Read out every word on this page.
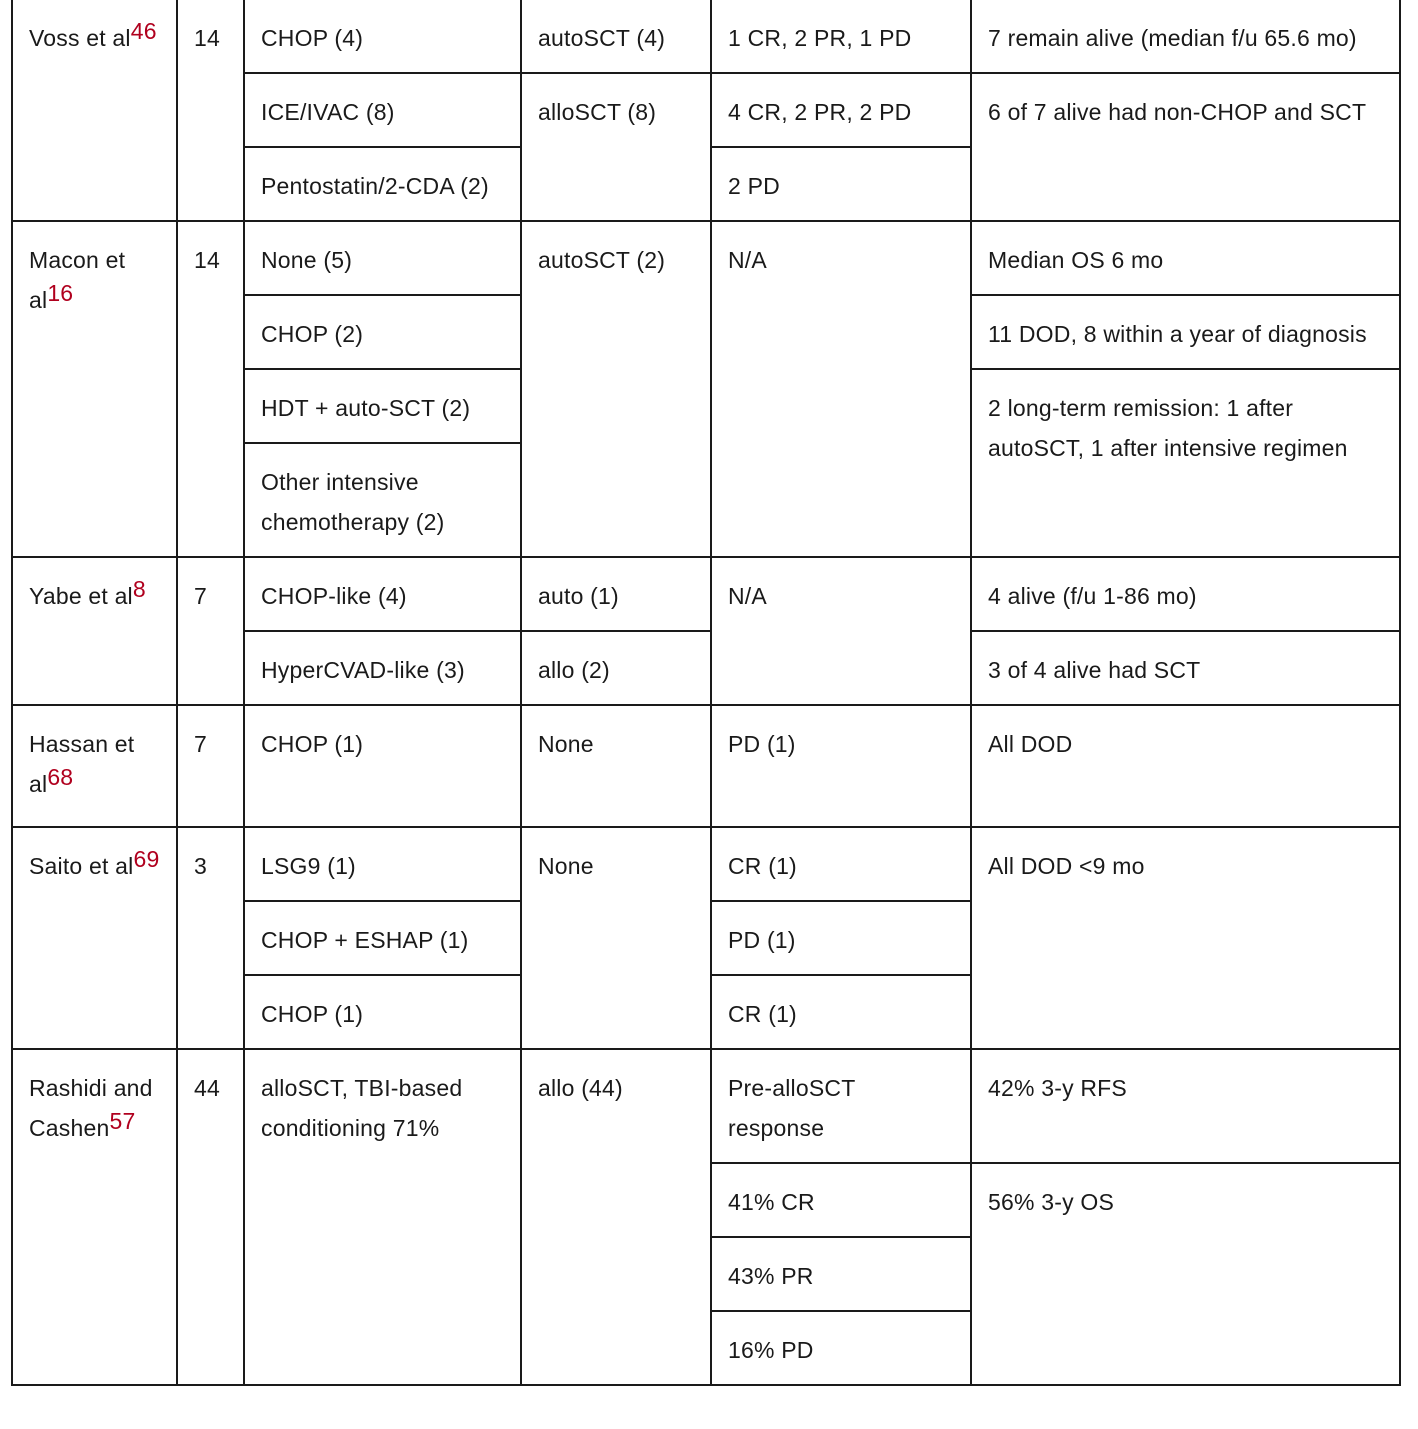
Voss et $al^{46}$	14	CHOP (4)	autoSCT (4)	1 CR, 2 PR, 1 PD	7 remain alive (median f/u 65.6 mo)
		ICE/IVAC (8)	alloSCT (8)	4 CR, 2 PR, 2 PD	6 of 7 alive had non-CHOP and SCT
		Pentostatin/2-CDA (2)		2 PD	
Macon et $al^{16}$	14	None (5)	autoSCT (2)	N/A	Median OS 6 mo
		CHOP (2)			11 DOD, 8 within a year of diagnosis
		HDT + auto-SCT (2)			2 long-term remission: 1 after autoSCT, 1 after intensive regimen
		Other intensive chemotherapy (2)			
Yabe et $al^8$	7	CHOP-like (4)	auto (1)	N/A	4 alive (f/u 1-86 mo)
		HyperCVAD-like (3)	allo (2)		3 of 4 alive had SCT
Hassan et $al^{68}$	7	CHOP (1)	None	PD (1)	All DOD
Saito et $al^{69}$	3	LSG9 (1)	None	CR (1)	All DOD <9 mo
		CHOP + ESHAP (1)		PD (1)	
		CHOP (1)		CR (1)	
Rashidi and Cashen$^{57}$	44	alloSCT, TBI-based conditioning 71%	allo (44)	Pre-alloSCT response	42% 3-y RFS
				41% CR	56% 3-y OS
				43% PR	
				16% PD	
